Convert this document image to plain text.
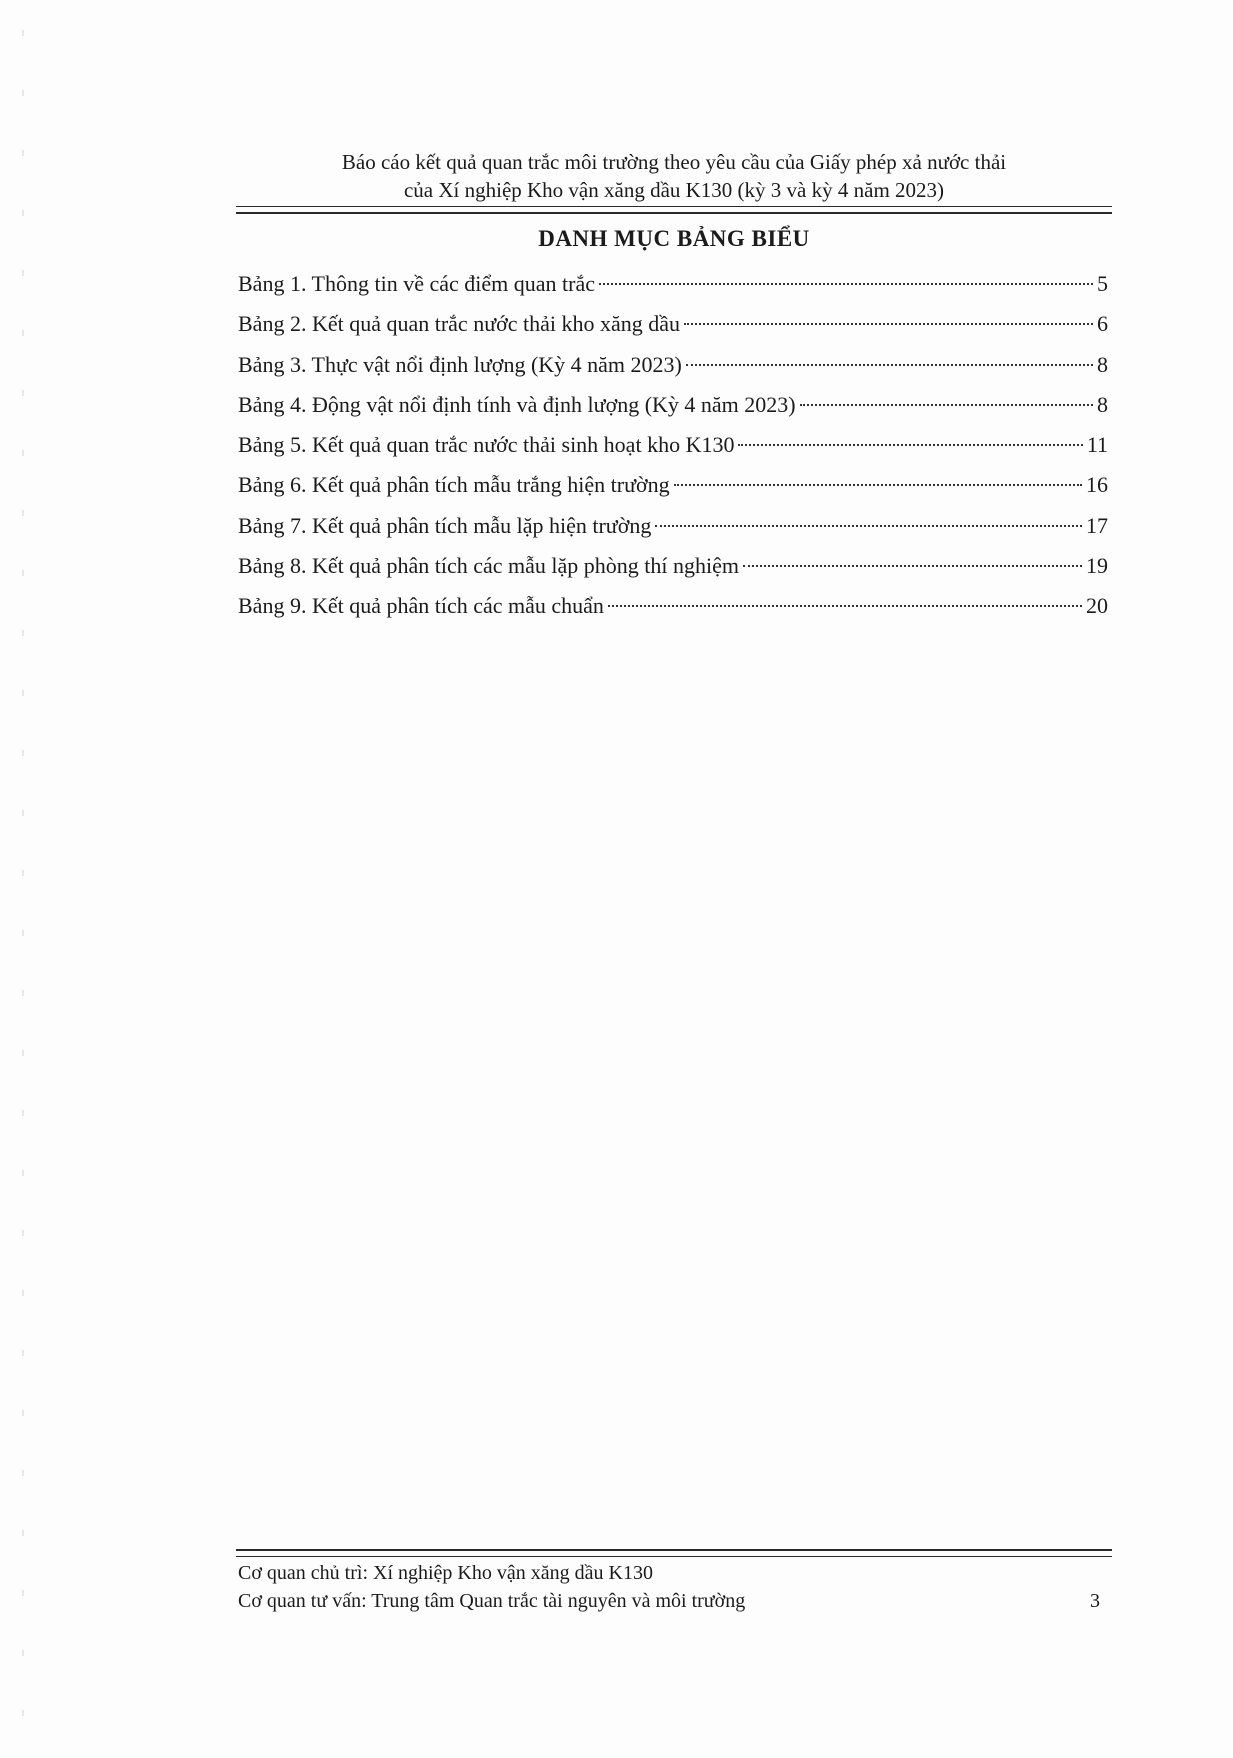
Báo cáo kết quả quan trắc môi trường theo yêu cầu của Giấy phép xả nước thải
của Xí nghiệp Kho vận xăng dầu K130 (kỳ 3 và kỳ 4 năm 2023)
DANH MỤC BẢNG BIỂU
Bảng 1. Thông tin về các điểm quan trắc	5
Bảng 2. Kết quả quan trắc nước thải kho xăng dầu	6
Bảng 3. Thực vật nổi định lượng (Kỳ 4 năm 2023)	8
Bảng 4. Động vật nổi định tính và định lượng (Kỳ 4 năm 2023)	8
Bảng 5. Kết quả quan trắc nước thải sinh hoạt kho K130	11
Bảng 6. Kết quả phân tích mẫu trắng hiện trường	16
Bảng 7. Kết quả phân tích mẫu lặp hiện trường	17
Bảng 8. Kết quả phân tích các mẫu lặp phòng thí nghiệm	19
Bảng 9. Kết quả phân tích các mẫu chuẩn	20
Cơ quan chủ trì: Xí nghiệp Kho vận xăng dầu K130
Cơ quan tư vấn: Trung tâm Quan trắc tài nguyên và môi trường	3
